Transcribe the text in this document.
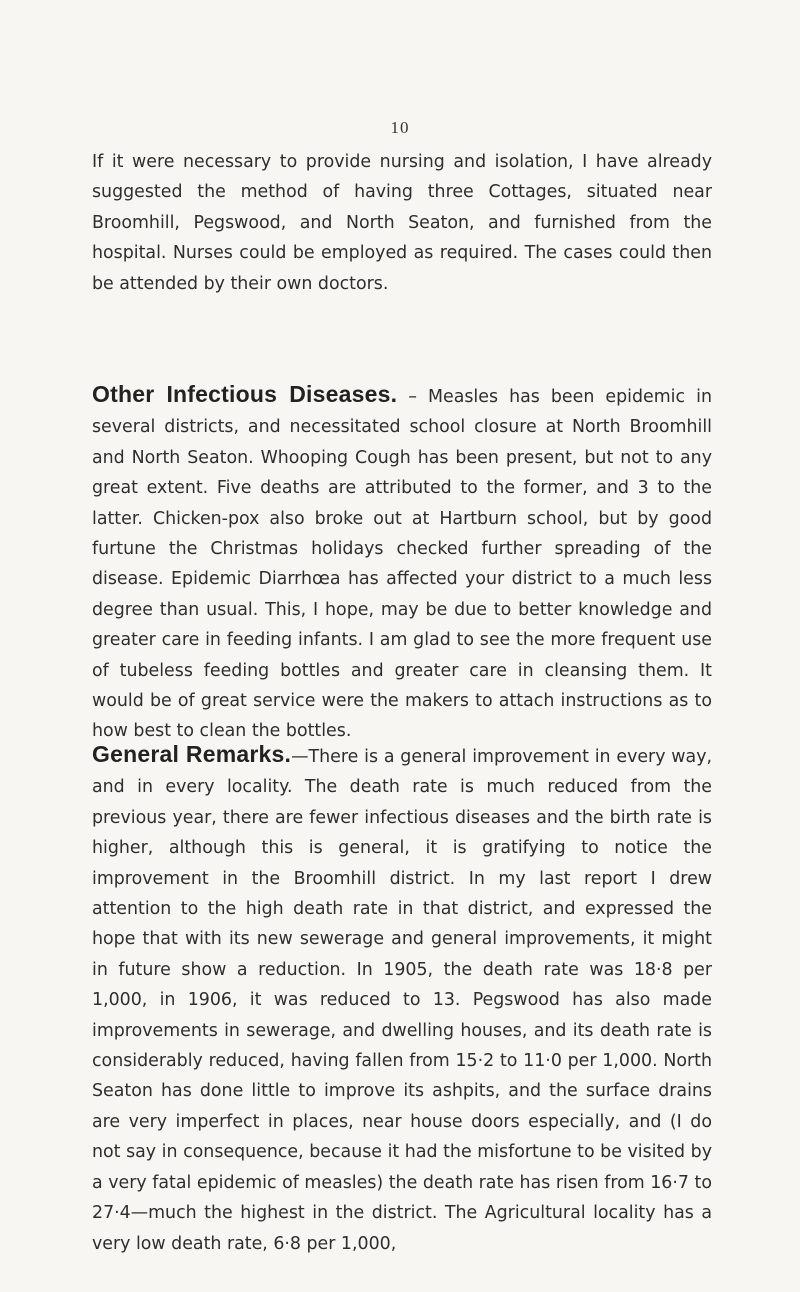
10
If it were necessary to provide nursing and isolation, I have already suggested the method of having three Cottages, situated near Broomhill, Pegswood, and North Seaton, and furnished from the hospital. Nurses could be employed as required. The cases could then be attended by their own doctors.
Other Infectious Diseases. – Measles has been epidemic in several districts, and necessitated school closure at North Broomhill and North Seaton. Whooping Cough has been present, but not to any great extent. Five deaths are attributed to the former, and 3 to the latter. Chicken-pox also broke out at Hartburn school, but by good furtune the Christmas holidays checked further spreading of the disease. Epidemic Diarrhœa has affected your district to a much less degree than usual. This, I hope, may be due to better knowledge and greater care in feeding infants. I am glad to see the more frequent use of tubeless feeding bottles and greater care in cleansing them. It would be of great service were the makers to attach instructions as to how best to clean the bottles.
General Remarks.—There is a general improvement in every way, and in every locality. The death rate is much reduced from the previous year, there are fewer infectious diseases and the birth rate is higher, although this is general, it is gratifying to notice the improvement in the Broomhill district. In my last report I drew attention to the high death rate in that district, and expressed the hope that with its new sewerage and general improvements, it might in future show a reduction. In 1905, the death rate was 18·8 per 1,000, in 1906, it was reduced to 13. Pegswood has also made improvements in sewerage, and dwelling houses, and its death rate is considerably reduced, having fallen from 15·2 to 11·0 per 1,000. North Seaton has done little to improve its ashpits, and the surface drains are very imperfect in places, near house doors especially, and (I do not say in consequence, because it had the misfortune to be visited by a very fatal epidemic of measles) the death rate has risen from 16·7 to 27·4—much the highest in the district. The Agricultural locality has a very low death rate, 6·8 per 1,000,
